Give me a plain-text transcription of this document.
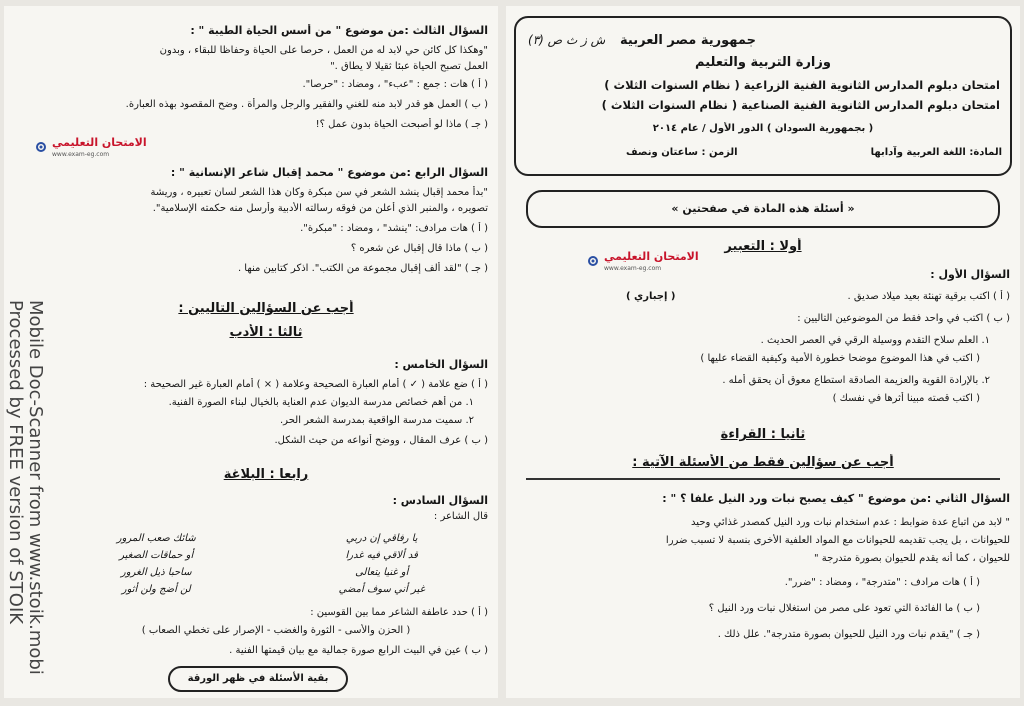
السؤال الثالث :من موضوع " من أسس الحياة الطيبة " :
"وهكذا كل كائن حي لابد له من العمل ، حرصا على الحياة وحفاظا للبقاء ، وبدون
العمل تصبح الحياة عبئا ثقيلا لا يطاق ."
( أ ) هات : جمع : "عبء" ، ومضاد : "حرصا".
( ب ) العمل هو قدر لابد منه للغني والفقير والرجل والمرأة . وضح المقصود بهذه العبارة.
( جـ ) ماذا لو أصبحت الحياة بدون عمل ؟!
الامتحان التعليمي
www.exam-eg.com
السؤال الرابع :من موضوع " محمد إقبال شاعر الإنسانية " :
"بدأ محمد إقبال ينشد الشعر في سن مبكرة وكان هذا الشعر لسان تعبيره ، وريشة
تصويره ، والمنبر الذي أعلن من فوقه رسالته الأدبية وأرسل منه حكمته الإسلامية".
( أ ) هات مرادف: "ينشد" ، ومضاد : "مبكرة".
( ب ) ماذا قال إقبال عن شعره ؟
( جـ ) "لقد ألف إقبال مجموعة من الكتب". اذكر كتابين منها .
أجب عن السؤالين التاليين :
ثالثا : الأدب
السؤال الخامس :
( أ ) ضع علامة ( ✓ ) أمام العبارة الصحيحة وعلامة ( × ) أمام العبارة غير الصحيحة :
١. من أهم خصائص مدرسة الديوان عدم العناية بالخيال لبناء الصورة الفنية.
٢. سميت مدرسة الواقعية بمدرسة الشعر الحر.
( ب ) عرف المقال ، ووضح أنواعه من حيث الشكل.
رابعا : البلاغة
السؤال السادس :
قال الشاعر :
يا رفاقي إن دربي
شائك صعب المرور
قد ألاقي فيه غدرا
أو حماقات الصغير
أو غنيا يتعالى
ساحبا ذيل الغرور
غير أني سوف أمضي
لن أضج ولن أثور
( أ ) حدد عاطفة الشاعر مما بين القوسين :
( الحزن والأسى - الثورة والغضب - الإصرار على تخطي الصعاب )
( ب ) عين في البيت الرابع صورة جمالية مع بيان قيمتها الفنية .
بقية الأسئلة في ظهر الورقة
Processed by FREE version of STOIK Mobile Doc-Scanner from www.stoik.mobi
جمهورية مصر العربية
ش ز ث ص (٣)
وزارة التربية والتعليم
امتحان دبلوم المدارس الثانوية الفنية الزراعية ( نظام السنوات الثلاث )
امتحان دبلوم المدارس الثانوية الفنية الصناعية ( نظام السنوات الثلاث )
( بجمهورية السودان ) الدور الأول / عام ٢٠١٤
المادة: اللغة العربية وآدابها
الزمن : ساعتان ونصف
« أسئلة هذه المادة في صفحتين »
أولا : التعبير
الامتحان التعليمي
www.exam-eg.com	السؤال الأول :
( أ ) اكتب برقية تهنئة بعيد ميلاد صديق .
( إجباري )
( ب ) اكتب في واحد فقط من الموضوعين التاليين :
١. العلم سلاح التقدم ووسيلة الرقي في العصر الحديث .
( اكتب في هذا الموضوع موضحا خطورة الأمية وكيفية القضاء عليها )
٢. بالإرادة القوية والعزيمة الصادقة استطاع معوق أن يحقق أمله .
( اكتب قصته مبينا أثرها في نفسك )
ثانيا : القراءة
أجب عن سؤالين فقط من الأسئلة الآتية :
السؤال الثاني :من موضوع " كيف يصبح نبات ورد النيل علفا ؟ " :
" لابد من اتباع عدة ضوابط : عدم استخدام نبات ورد النيل كمصدر غذائي وحيد
للحيوانات ، بل يجب تقديمه للحيوانات مع المواد العلفية الأخرى بنسبة لا تسبب ضررا
للحيوان ، كما أنه يقدم للحيوان بصورة متدرجة "
( أ ) هات مرادف : "متدرجة" ، ومضاد : "ضرر".
( ب ) ما الفائدة التي تعود على مصر من استغلال نبات ورد النيل ؟
( جـ ) "يقدم نبات ورد النيل للحيوان بصورة متدرجة". علل ذلك .
